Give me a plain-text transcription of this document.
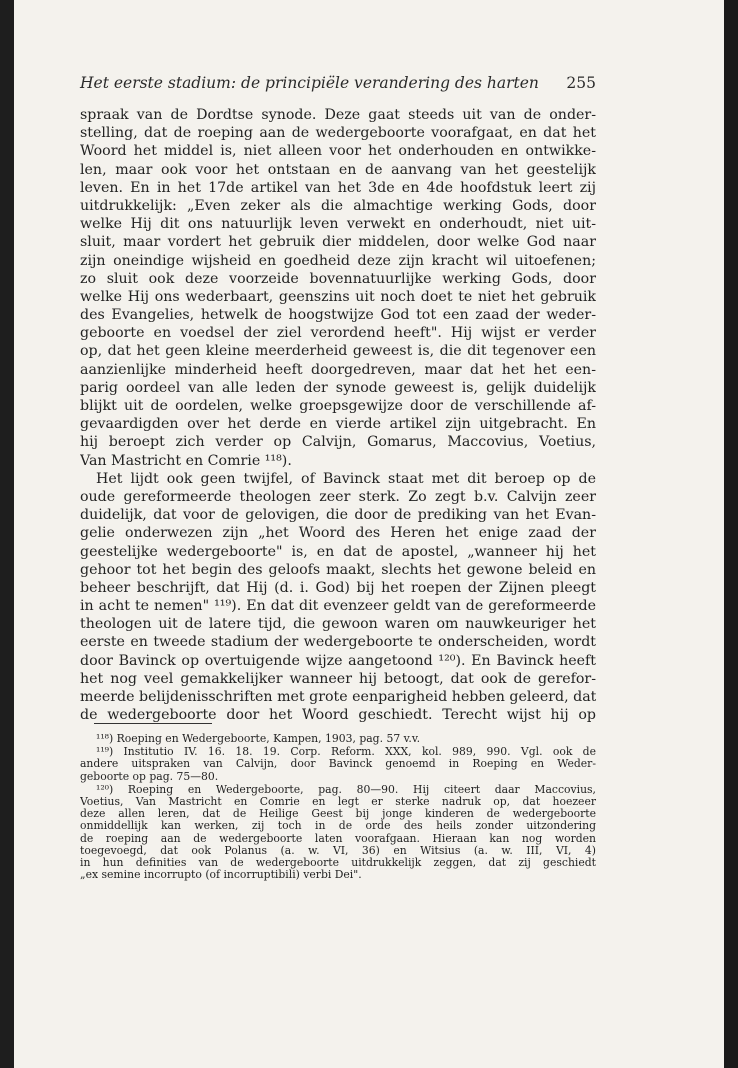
Het eerste stadium: de principiële verandering des harten 255
spraak van de Dordtse synode. Deze gaat steeds uit van de onder-
stelling, dat de roeping aan de wedergeboorte voorafgaat, en dat het
Woord het middel is, niet alleen voor het onderhouden en ontwikke-
len, maar ook voor het ontstaan en de aanvang van het geestelijk
leven. En in het 17de artikel van het 3de en 4de hoofdstuk leert zij
uitdrukkelijk: „Even zeker als die almachtige werking Gods, door
welke Hij dit ons natuurlijk leven verwekt en onderhoudt, niet uit-
sluit, maar vordert het gebruik dier middelen, door welke God naar
zijn oneindige wijsheid en goedheid deze zijn kracht wil uitoefenen;
zo sluit ook deze voorzeide bovennatuurlijke werking Gods, door
welke Hij ons wederbaart, geenszins uit noch doet te niet het gebruik
des Evangelies, hetwelk de hoogstwijze God tot een zaad der weder-
geboorte en voedsel der ziel verordend heeft". Hij wijst er verder
op, dat het geen kleine meerderheid geweest is, die dit tegenover een
aanzienlijke minderheid heeft doorgedreven, maar dat het het een-
parig oordeel van alle leden der synode geweest is, gelijk duidelijk
blijkt uit de oordelen, welke groepsgewijze door de verschillende af-
gevaardigden over het derde en vierde artikel zijn uitgebracht. En
hij beroept zich verder op Calvijn, Gomarus, Maccovius, Voetius,
Van Mastricht en Comrie ¹¹⁸).
Het lijdt ook geen twijfel, of Bavinck staat met dit beroep op de
oude gereformeerde theologen zeer sterk. Zo zegt b.v. Calvijn zeer
duidelijk, dat voor de gelovigen, die door de prediking van het Evan-
gelie onderwezen zijn „het Woord des Heren het enige zaad der
geestelijke wedergeboorte" is, en dat de apostel, „wanneer hij het
gehoor tot het begin des geloofs maakt, slechts het gewone beleid en
beheer beschrijft, dat Hij (d. i. God) bij het roepen der Zijnen pleegt
in acht te nemen" ¹¹⁹). En dat dit evenzeer geldt van de gereformeerde
theologen uit de latere tijd, die gewoon waren om nauwkeuriger het
eerste en tweede stadium der wedergeboorte te onderscheiden, wordt
door Bavinck op overtuigende wijze aangetoond ¹²⁰). En Bavinck heeft
het nog veel gemakkelijker wanneer hij betoogt, dat ook de gerefor-
meerde belijdenisschriften met grote eenparigheid hebben geleerd, dat
de wedergeboorte door het Woord geschiedt. Terecht wijst hij op
¹¹⁸) Roeping en Wedergeboorte, Kampen, 1903, pag. 57 v.v.
¹¹⁹) Institutio IV. 16. 18. 19. Corp. Reform. XXX, kol. 989, 990. Vgl. ook de
andere uitspraken van Calvijn, door Bavinck genoemd in Roeping en Weder-
geboorte op pag. 75—80.
¹²⁰) Roeping en Wedergeboorte, pag. 80—90. Hij citeert daar Maccovius,
Voetius, Van Mastricht en Comrie en legt er sterke nadruk op, dat hoezeer
deze allen leren, dat de Heilige Geest bij jonge kinderen de wedergeboorte
onmiddellijk kan werken, zij toch in de orde des heils zonder uitzondering
de roeping aan de wedergeboorte laten voorafgaan. Hieraan kan nog worden
toegevoegd, dat ook Polanus (a. w. VI, 36) en Witsius (a. w. III, VI, 4)
in hun definities van de wedergeboorte uitdrukkelijk zeggen, dat zij geschiedt
„ex semine incorrupto (of incorruptibili) verbi Dei".
